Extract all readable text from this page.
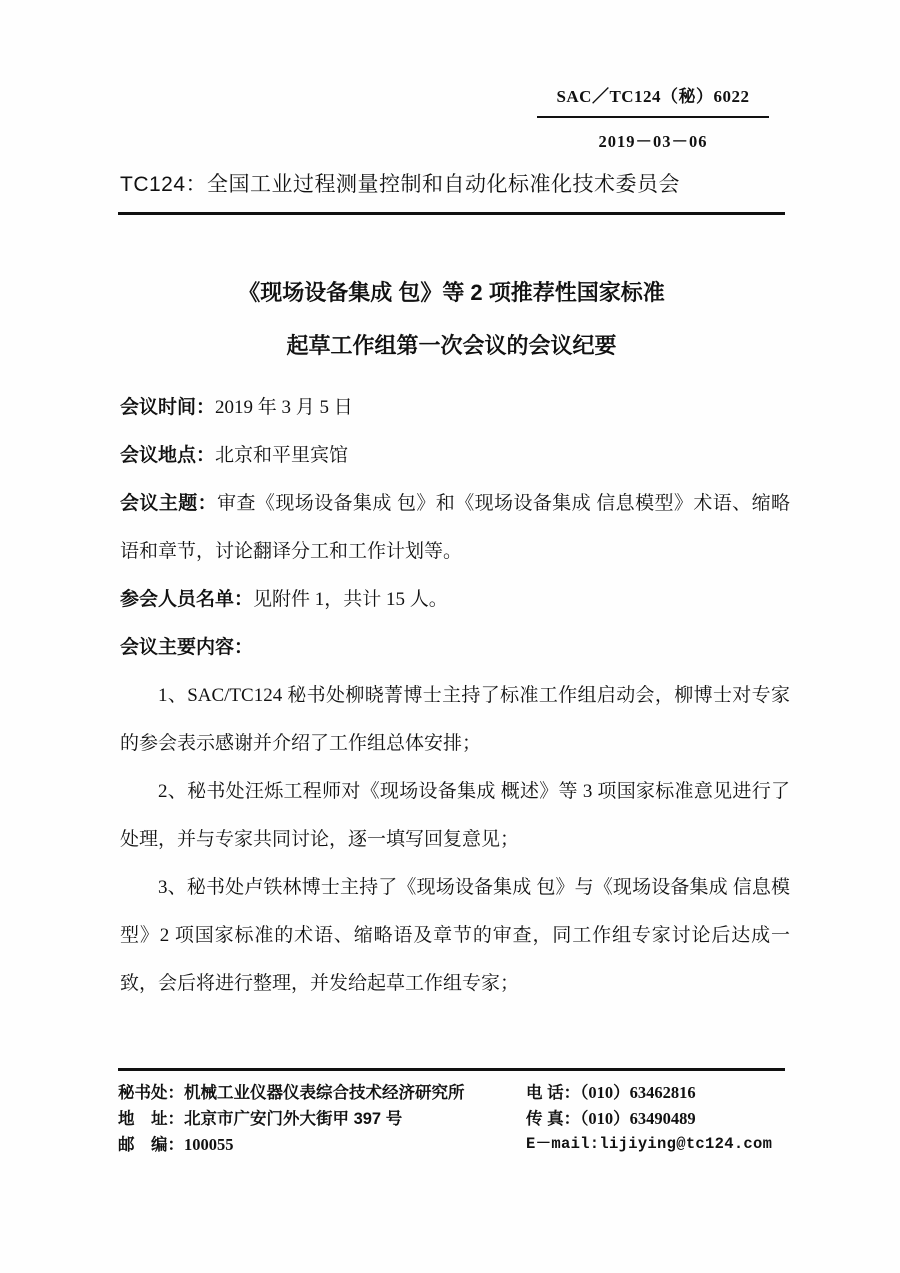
SAC／TC124（秘）6022
2019－03－06
TC124：全国工业过程测量控制和自动化标准化技术委员会
《现场设备集成 包》等 2 项推荐性国家标准
起草工作组第一次会议的会议纪要

会议时间：2019 年 3 月 5 日

会议地点：北京和平里宾馆

会议主题：审查《现场设备集成 包》和《现场设备集成 信息模型》术语、缩略语和章节，讨论翻译分工和工作计划等。

参会人员名单：见附件 1，共计 15 人。

会议主要内容：

1、SAC/TC124 秘书处柳晓菁博士主持了标准工作组启动会，柳博士对专家的参会表示感谢并介绍了工作组总体安排；

2、秘书处汪烁工程师对《现场设备集成 概述》等 3 项国家标准意见进行了处理，并与专家共同讨论，逐一填写回复意见；

3、秘书处卢铁林博士主持了《现场设备集成 包》与《现场设备集成 信息模型》2 项国家标准的术语、缩略语及章节的审查，同工作组专家讨论后达成一致，会后将进行整理，并发给起草工作组专家；

秘书处：机械工业仪器仪表综合技术经济研究所
地　址：北京市广安门外大街甲 397 号
邮　编：100055
电 话：（010）63462816
传 真：（010）63490489
E－mail:lijiying@tc124.com
